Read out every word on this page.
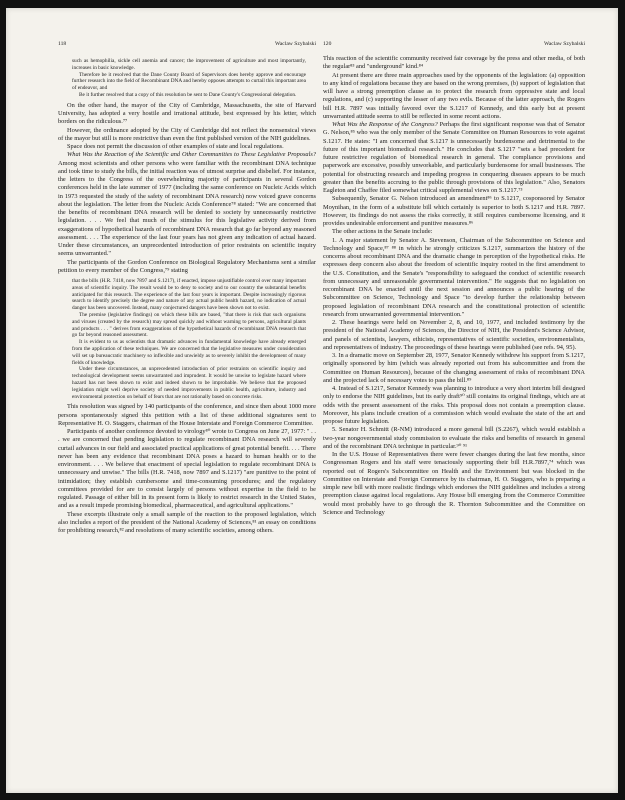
118	Waclaw Szybalski

such as hemophilia, sickle cell anemia and cancer; the improvement of agriculture and most importantly, increases in basic knowledge.

Therefore be it resolved that the Dane County Board of Supervisors does hereby approve and encourage further research into the field of Recombinant DNA and hereby opposes attempts to curtail this important area of endeavor, and

Be it further resolved that a copy of this resolution be sent to Dane County's Congressional delegation.

On the other hand, the mayor of the City of Cambridge, Massachusetts, the site of Harvard University, has adopted a very hostile and irrational attitude, best expressed by his letter, which borders on the ridiculous.⁷⁷

However, the ordinance adopted by the City of Cambridge did not reflect the nonsensical views of the mayor but still is more restrictive than even the first published version of the NIH guidelines.

Space does not permit the discussion of other examples of state and local regulations.

What Was the Reaction of the Scientific and Other Communities to These Legislative Proposals? Among most scientists and other persons who were familiar with the recombinant DNA technique and took time to study the bills, the initial reaction was of utmost surprise and disbelief. For instance, the letters to the Congress of the overwhelming majority of participants in several Gordon conferences held in the late summer of 1977 (including the same conference on Nucleic Acids which in 1973 requested the study of the safety of recombinant DNA research) now voiced grave concerns about the legislation. The letter from the Nucleic Acids Conference⁷⁸ stated: "We are concerned that the benefits of recombinant DNA research will be denied to society by unnecessarily restrictive legislation. . . . We feel that much of the stimulus for this legislative activity derived from exaggerations of hypothetical hazards of recombinant DNA research that go far beyond any reasoned assessment. . . . The experience of the last four years has not given any indication of actual hazard. Under these circumstances, an unprecedented introduction of prior restraints on scientific inquiry seems unwarranted."

The participants of the Gordon Conference on Biological Regulatory Mechanisms sent a similar petition to every member of the Congress,⁷⁹ stating

that the bills (H.R. 7418, now 7897 and S.1217), if enacted, impose unjustifiable control over many important areas of scientific inquiry. The result would be to deny to society and to our country the substantial benefits anticipated for this research. The experience of the last four years is important. Despite increasingly rigorous search to identify precisely the degree and nature of any actual public health hazard, no indication of actual danger has been uncovered. Instead, many conjectured dangers have been shown not to exist.

The premise (legislative findings) on which these bills are based, "that there is risk that such organisms and viruses (created by the research) may spread quickly and without warning to persons, agricultural plants and products . . . " derives from exaggerations of the hypothetical hazards of recombinant DNA research that go far beyond reasoned assessment.

It is evident to us as scientists that dramatic advances in fundamental knowledge have already emerged from the application of these techniques. We are concerned that the legislative measures under consideration will set up bureaucratic machinery so inflexible and unwieldy as to severely inhibit the development of many fields of knowledge.

Under these circumstances, an unprecedented introduction of prior restraints on scientific inquiry and technological development seems unwarranted and imprudent. It would be unwise to legislate hazard where hazard has not been shown to exist and indeed shown to be improbable. We believe that the proposed legislation might well deprive society of needed improvements in public health, agriculture, industry and environmental protection on behalf of fears that are not rationally based on concrete risks.

This resolution was signed by 140 participants of the conference, and since then about 1000 more persons spontaneously signed this petition with a list of these additional signatures sent to Representative H. O. Staggers, chairman of the House Interstate and Foreign Commerce Committee.

Participants of another conference devoted to virology⁸⁰ wrote to Congress on June 27, 1977: " . . . we are concerned that pending legislation to regulate recombinant DNA research will severely curtail advances in our field and associated practical applications of great potential benefit. . . . There never has been any evidence that recombinant DNA poses a hazard to human health or to the environment. . . . We believe that enactment of special legislation to regulate recombinant DNA is unnecessary and unwise." The bills (H.R. 7418, now 7897 and S.1217) "are punitive to the point of intimidation; they establish cumbersome and time-consuming procedures; and the regulatory committees provided for are to consist largely of persons without expertise in the field to be regulated. Passage of either bill in its present form is likely to restrict research in the United States, and as a result impede promising biomedical, pharmaceutical, and agricultural applications."

These excerpts illustrate only a small sample of the reaction to the proposed legislation, which also includes a report of the president of the National Academy of Sciences,⁸¹ an essay on conditions for prohibiting research,⁸² and resolutions of many scientific societies, among others.

120	Waclaw Szybalski

This reaction of the scientific community received fair coverage by the press and other media, of both the regular⁸³ and "underground" kind.⁸⁴

At present there are three main approaches used by the opponents of the legislation: (a) opposition to any kind of regulations because they are based on the wrong premises, (b) support of legislation that will have a strong preemption clause as to protect the research from oppressive state and local regulations, and (c) supporting the lesser of any two evils. Because of the latter approach, the Rogers bill H.R. 7897 was initially favored over the S.1217 of Kennedy, and this early but at present unwarranted attitude seems to still be reflected in some recent actions.

What Was the Response of the Congress? Perhaps the first significant response was that of Senator G. Nelson,⁸⁵ who was the only member of the Senate Committee on Human Resources to vote against S.1217. He states: "I am concerned that S.1217 is unnecessarily burdensome and detrimental to the future of this important biomedical research." He concludes that S.1217 "sets a bad precedent for future restrictive regulation of biomedical research in general. The compliance provisions and paperwork are excessive, possibly unworkable, and particularly burdensome for small businesses. The potential for obstructing research and impeding progress in conquering diseases appears to be much greater than the benefits accruing to the public through provisions of this legislation." Also, Senators Eagleton and Chaffee filed somewhat critical supplemental views on S.1217.⁷³

Subsequently, Senator G. Nelson introduced an amendment⁸⁶ to S.1217, cosponsored by Senator Moynihan, in the form of a substitute bill which certainly is superior to both S.1217 and H.R. 7897. However, its findings do not assess the risks correctly, it still requires cumbersome licensing, and it provides undesirable enforcement and punitive measures.⁸⁶

The other actions in the Senate include:

1. A major statement by Senator A. Stevenson, Chairman of the Subcommittee on Science and Technology and Space,⁸⁷ ⁸⁸ in which he strongly criticizes S.1217, summarizes the history of the concerns about recombinant DNA and the dramatic change in perception of the hypothetical risks. He expresses deep concern also about the freedom of scientific inquiry rooted in the first amendment to the U.S. Constitution, and the Senate's "responsibility to safeguard the conduct of scientific research from unnecessary and unreasonable governmental intervention." He suggests that no legislation on recombinant DNA be enacted until the next session and announces a public hearing of the Subcommittee on Science, Technology and Space "to develop further the relationship between proposed legislation of recombinant DNA research and the constitutional protection of scientific research from unwarranted governmental intervention."

2. These hearings were held on November 2, 8, and 10, 1977, and included testimony by the president of the National Academy of Sciences, the Director of NIH, the President's Science Advisor, and panels of scientists, lawyers, ethicists, representatives of scientific societies, environmentalists, and representatives of industry. The proceedings of these hearings were published (see refs. 94, 95).

3. In a dramatic move on September 28, 1977, Senator Kennedy withdrew his support from S.1217, originally sponsored by him (which was already reported out from his subcommittee and from the Committee on Human Resources), because of the changing assessment of risks of recombinant DNA and the projected lack of necessary votes to pass the bill.⁸⁹

4. Instead of S.1217, Senator Kennedy was planning to introduce a very short interim bill designed only to endorse the NIH guidelines, but its early draft⁹⁰ still contains its original findings, which are at odds with the present assessment of the risks. This proposal does not contain a preemption clause. Moreover, his plans include creation of a commission which would evaluate the state of the art and propose future legislation.

5. Senator H. Schmitt (R-NM) introduced a more general bill (S.2267), which would establish a two-year nongovernmental study commission to evaluate the risks and benefits of research in general and of the recombinant DNA technique in particular.⁹⁰ ⁹¹

In the U.S. House of Representatives there were fewer changes during the last few months, since Congressman Rogers and his staff were tenaciously supporting their bill H.R.7897,⁷⁴ which was reported out of Rogers's Subcommittee on Health and the Environment but was blocked in the Committee on Interstate and Foreign Commerce by its chairman, H. O. Staggers, who is preparing a simple new bill with more realistic findings which endorses the NIH guidelines and includes a strong preemption clause against local regulations. Any House bill emerging from the Commerce Committee would most probably have to go through the R. Thornton Subcommittee and the Committee on Science and Technology
